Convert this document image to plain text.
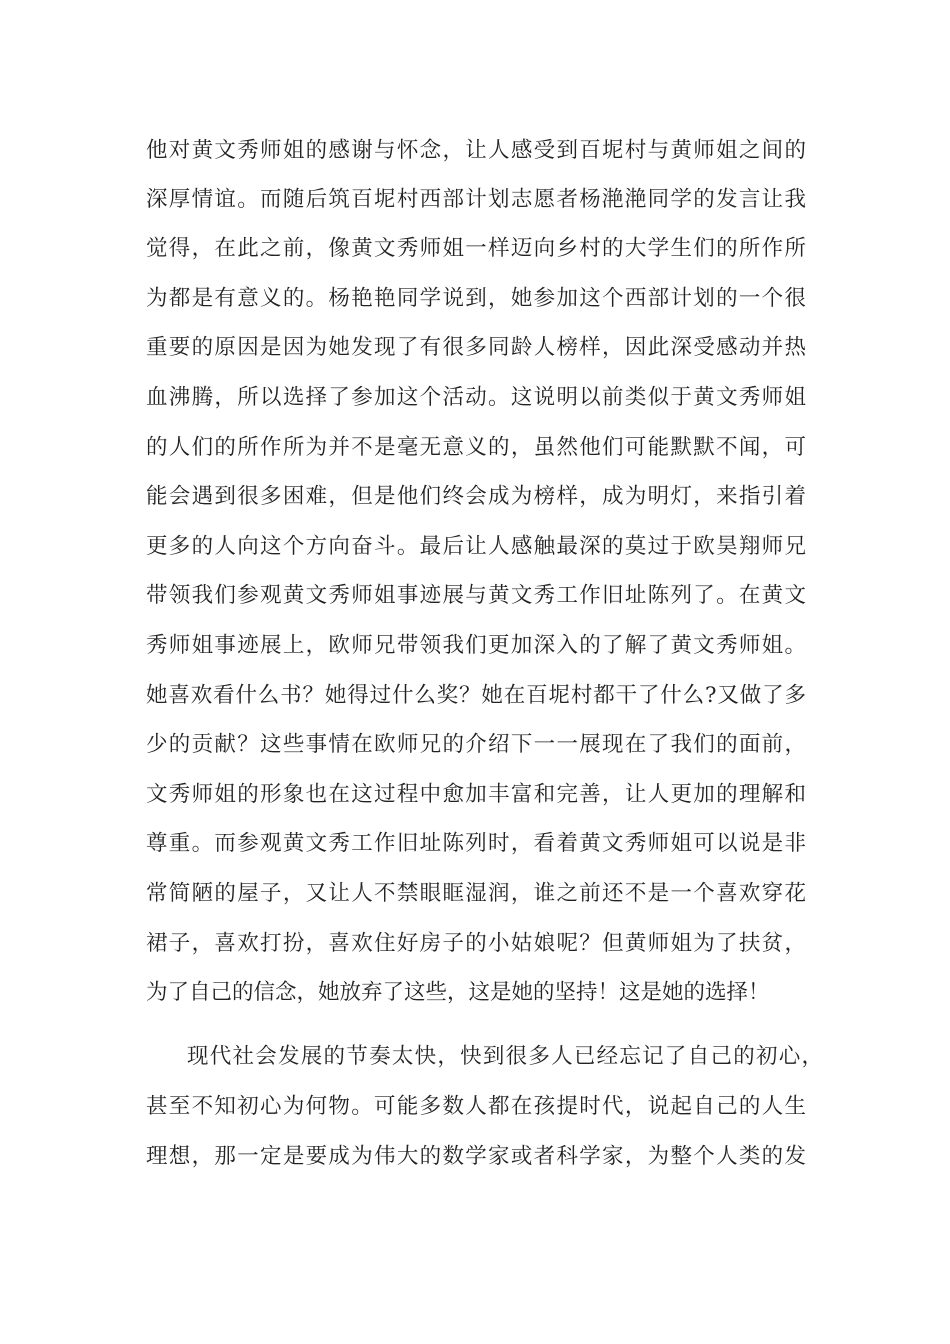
他对黄文秀师姐的感谢与怀念，让人感受到百坭村与黄师姐之间的
深厚情谊。而随后筑百坭村西部计划志愿者杨滟滟同学的发言让我
觉得，在此之前，像黄文秀师姐一样迈向乡村的大学生们的所作所
为都是有意义的。杨艳艳同学说到，她参加这个西部计划的一个很
重要的原因是因为她发现了有很多同龄人榜样，因此深受感动并热
血沸腾，所以选择了参加这个活动。这说明以前类似于黄文秀师姐
的人们的所作所为并不是毫无意义的，虽然他们可能默默不闻，可
能会遇到很多困难，但是他们终会成为榜样，成为明灯，来指引着
更多的人向这个方向奋斗。最后让人感触最深的莫过于欧昊翔师兄
带领我们参观黄文秀师姐事迹展与黄文秀工作旧址陈列了。在黄文
秀师姐事迹展上，欧师兄带领我们更加深入的了解了黄文秀师姐。
她喜欢看什么书？她得过什么奖？她在百坭村都干了什么?又做了多
少的贡献？这些事情在欧师兄的介绍下一一展现在了我们的面前，
文秀师姐的形象也在这过程中愈加丰富和完善，让人更加的理解和
尊重。而参观黄文秀工作旧址陈列时，看着黄文秀师姐可以说是非
常简陋的屋子，又让人不禁眼眶湿润，谁之前还不是一个喜欢穿花
裙子，喜欢打扮，喜欢住好房子的小姑娘呢？但黄师姐为了扶贫，
为了自己的信念，她放弃了这些，这是她的坚持！这是她的选择！
现代社会发展的节奏太快，快到很多人已经忘记了自己的初心，
甚至不知初心为何物。可能多数人都在孩提时代，说起自己的人生
理想，那一定是要成为伟大的数学家或者科学家，为整个人类的发
